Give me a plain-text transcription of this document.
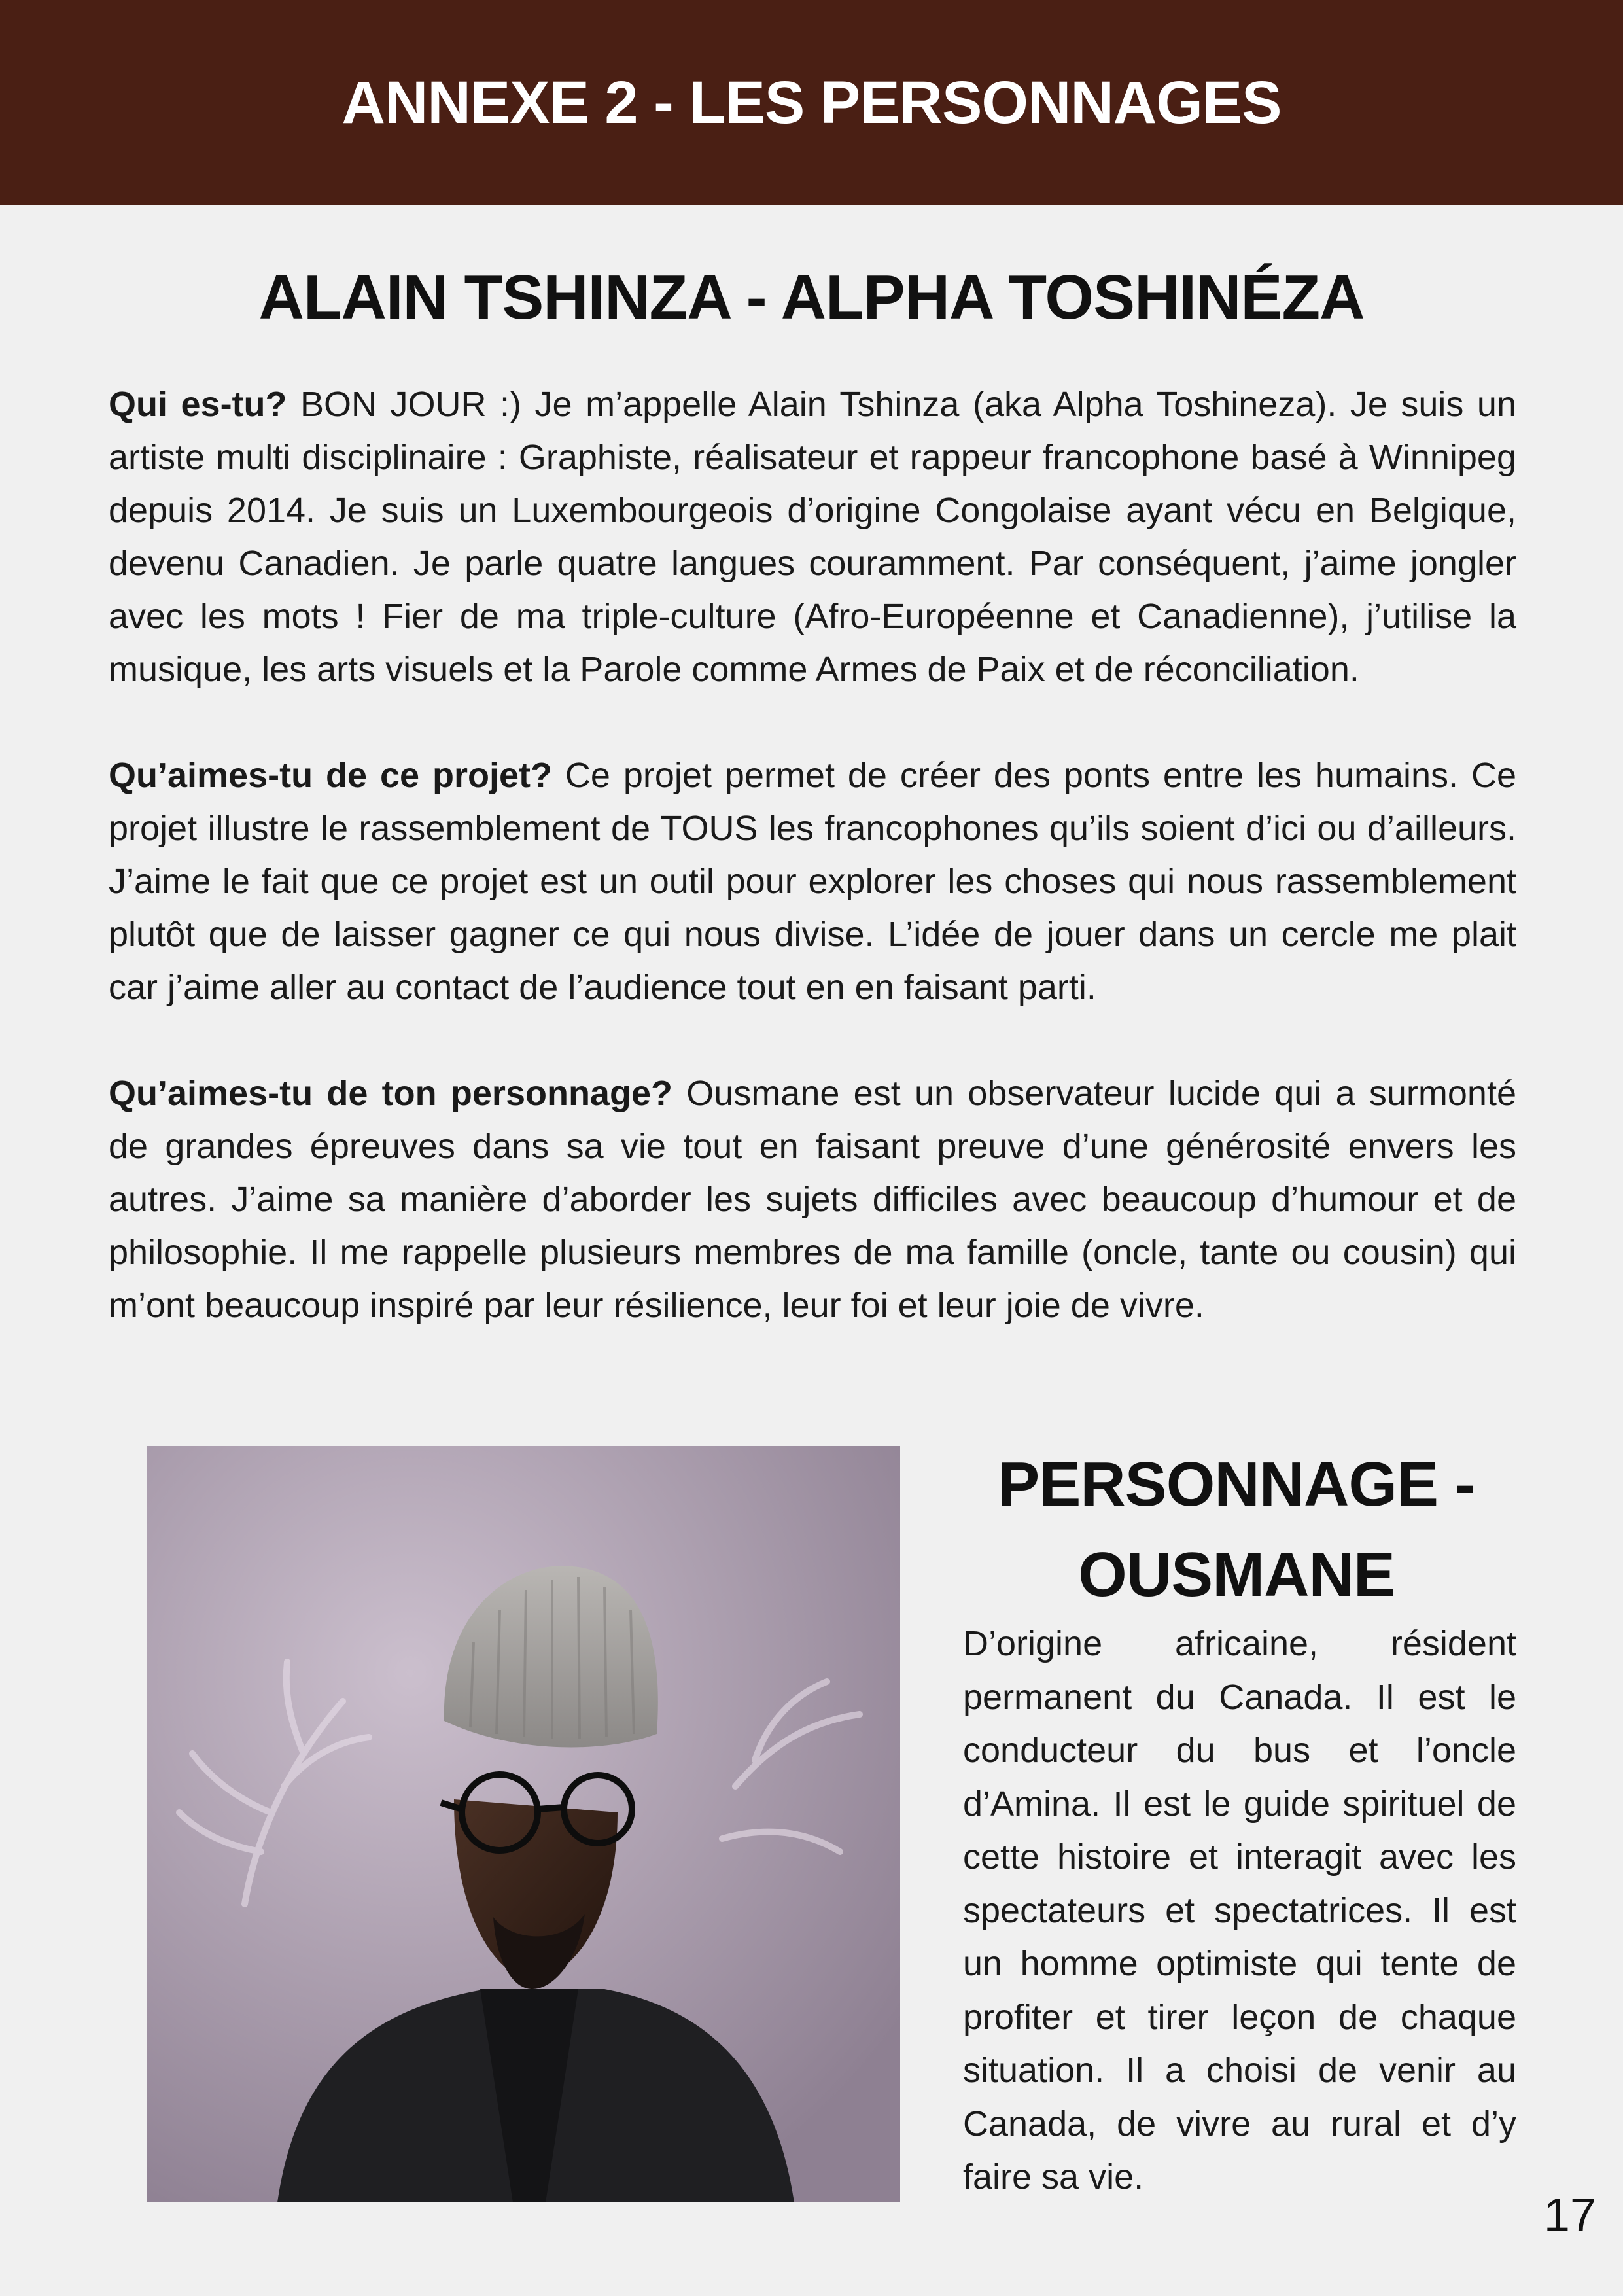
ANNEXE 2 - LES PERSONNAGES
ALAIN TSHINZA - ALPHA TOSHINÉZA

Qui es-tu? BON JOUR :) Je m’appelle Alain Tshinza (aka Alpha Toshineza). Je suis un artiste multi disciplinaire : Graphiste, réalisateur et rappeur francophone basé à Winnipeg depuis 2014. Je suis un Luxembourgeois d’origine Congolaise ayant vécu en Belgique, devenu Canadien. Je parle quatre langues couramment. Par conséquent, j’aime jongler avec les mots ! Fier de ma triple-culture (Afro-Européenne et Canadienne), j’utilise la musique, les arts visuels et la Parole comme Armes de Paix et de réconciliation.

Qu’aimes-tu de ce projet? Ce projet permet de créer des ponts entre les humains. Ce projet illustre le rassemblement de TOUS les francophones qu’ils soient d’ici ou d’ailleurs. J’aime le fait que ce projet est un outil pour explorer les choses qui nous rassemblement plutôt que de laisser gagner ce qui nous divise. L’idée de jouer dans un cercle me plait car j’aime aller au contact de l’audience tout en en faisant parti.

Qu’aimes-tu de ton personnage? Ousmane est un observateur lucide qui a surmonté de grandes épreuves dans sa vie tout en faisant preuve d’une générosité envers les autres. J’aime sa manière d’aborder les sujets difficiles avec beaucoup d’humour et de philosophie. Il me rappelle plusieurs membres de ma famille (oncle, tante ou cousin) qui m’ont beaucoup inspiré par leur résilience, leur foi et leur joie de vivre.

PERSONNAGE -
OUSMANE

D’origine africaine, résident permanent du Canada. Il est le conducteur du bus et l’oncle d’Amina. Il est le guide spirituel de cette histoire et interagit avec les spectateurs et spectatrices. Il est un homme optimiste qui tente de profiter et tirer leçon de chaque situation. Il a choisi de venir au Canada, de vivre au rural et d’y faire sa vie.

17
